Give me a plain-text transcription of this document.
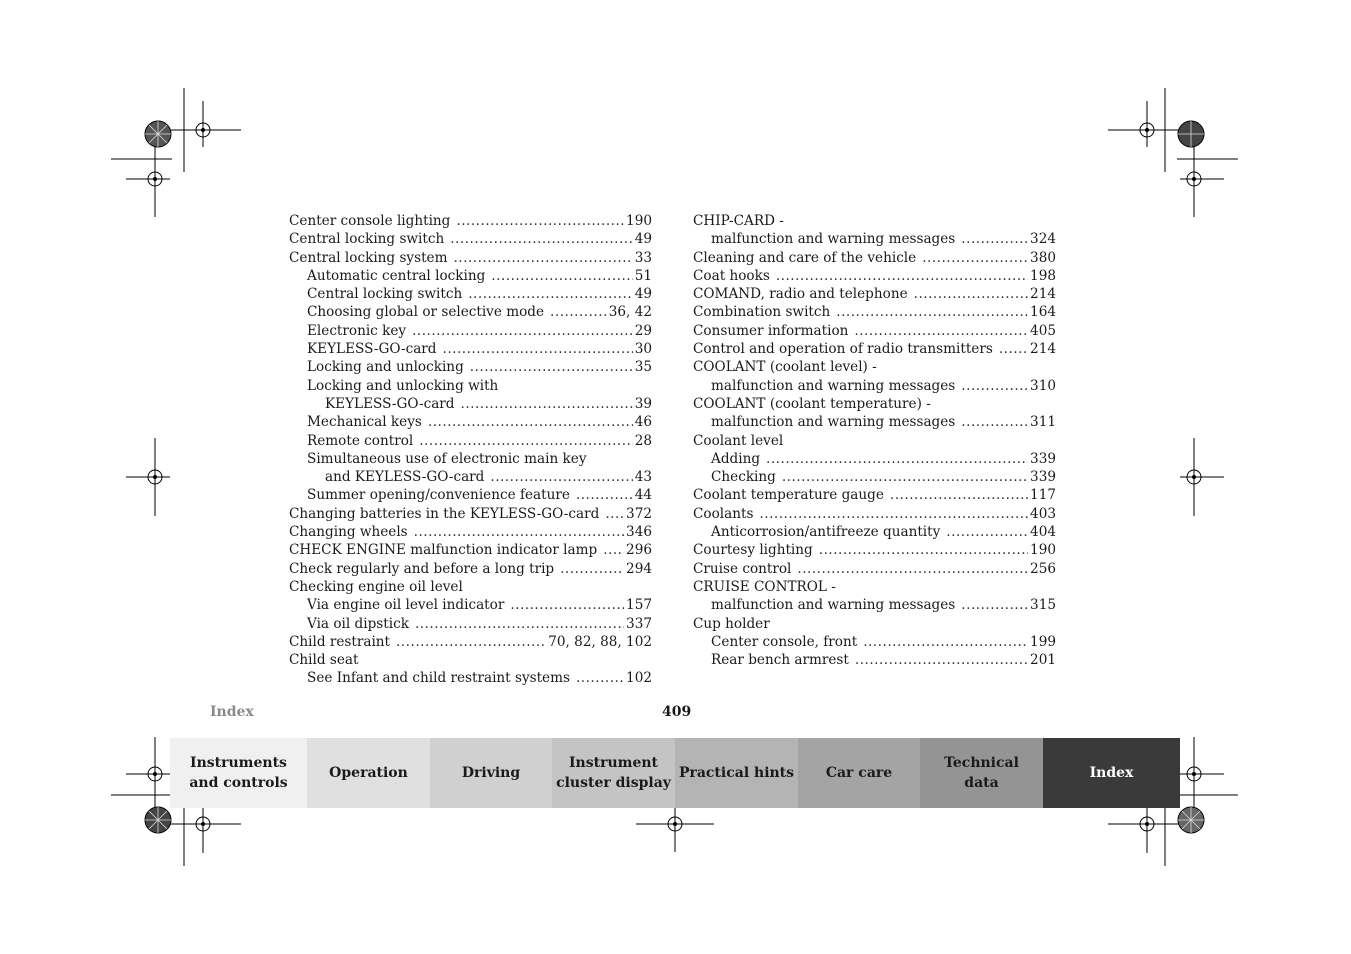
Center console lighting .....	190
Central locking switch .....	49
Central locking system .....	33
Automatic central locking .....	51
Central locking switch .....	49
Choosing global or selective mode .....	36, 42
Electronic key .....	29
KEYLESS-GO-card .....	30
Locking and unlocking .....	35
Locking and unlocking with
KEYLESS-GO-card .....	39
Mechanical keys .....	46
Remote control .....	28
Simultaneous use of electronic main key
and KEYLESS-GO-card .....	43
Summer opening/convenience feature .....	44
Changing batteries in the KEYLESS-GO-card ..... 372
Changing wheels .....	346
CHECK ENGINE malfunction indicator lamp ..... 296
Check regularly and before a long trip .....	294
Checking engine oil level
Via engine oil level indicator .....	157
Via oil dipstick .....	337
Child restraint .....	70, 82, 88, 102
Child seat
See Infant and child restraint systems .....	102
CHIP-CARD -
malfunction and warning messages .....	324
Cleaning and care of the vehicle .....	380
Coat hooks .....	198
COMAND, radio and telephone .....	214
Combination switch .....	164
Consumer information .....	405
Control and operation of radio transmitters .....	214
COOLANT (coolant level) -
malfunction and warning messages .....	310
COOLANT (coolant temperature) -
malfunction and warning messages .....	311
Coolant level
Adding .....	339
Checking .....	339
Coolant temperature gauge .....	117
Coolants .....	403
Anticorrosion/antifreeze quantity .....	404
Courtesy lighting .....	190
Cruise control .....	256
CRUISE CONTROL -
malfunction and warning messages .....	315
Cup holder
Center console, front .....	199
Rear bench armrest .....	201
Index	409
Instruments
and controls
Operation	Driving
Instrument
cluster display
Practical hints	Car care
Technical
data
Index
